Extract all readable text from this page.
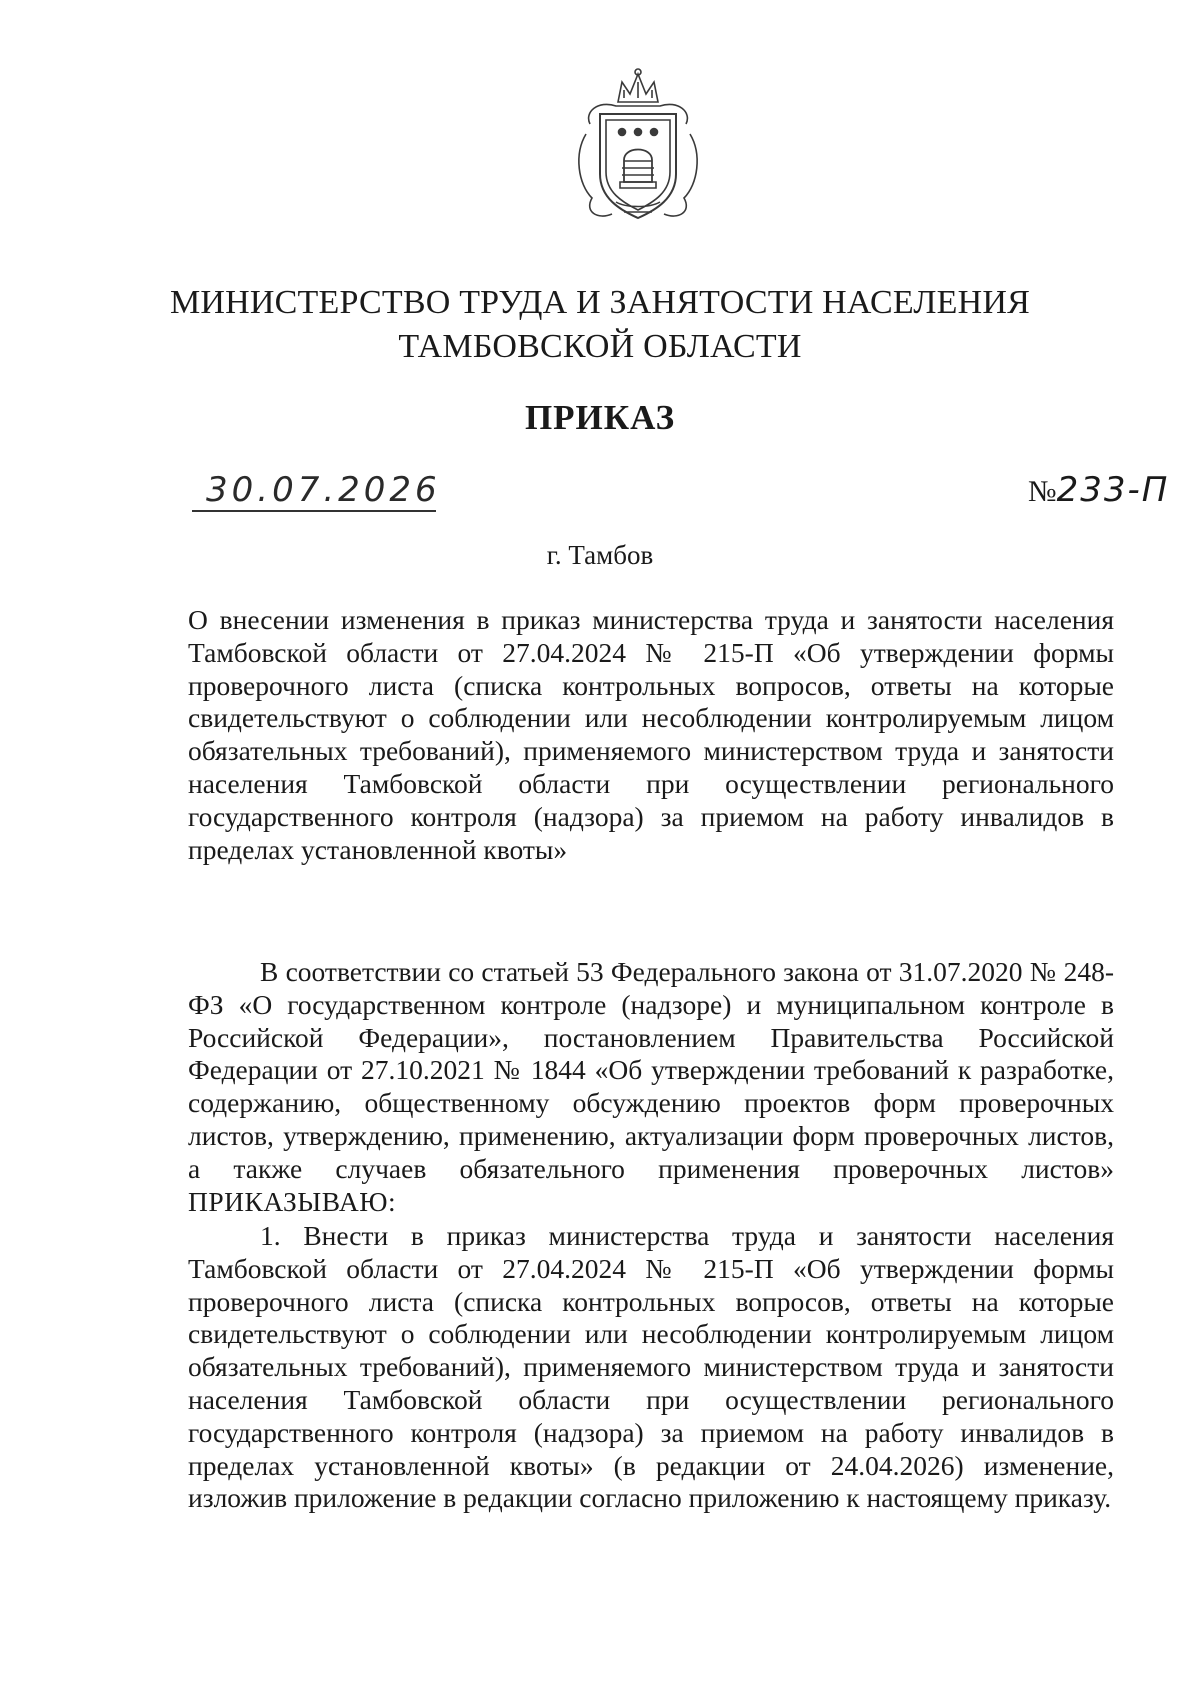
МИНИСТЕРСТВО ТРУДА И ЗАНЯТОСТИ НАСЕЛЕНИЯ
ТАМБОВСКОЙ ОБЛАСТИ
ПРИКАЗ
30.07.2026	№233-П
г. Тамбов
О внесении изменения в приказ министерства труда и занятости населения Тамбовской области от 27.04.2024 № 215-П «Об утверждении формы проверочного листа (списка контрольных вопросов, ответы на которые свидетельствуют о соблюдении или несоблюдении контролируемым лицом обязательных требований), применяемого министерством труда и занятости населения Тамбовской области при осуществлении регионального государственного контроля (надзора) за приемом на работу инвалидов в пределах установленной квоты»
В соответствии со статьей 53 Федерального закона от 31.07.2020 № 248-ФЗ «О государственном контроле (надзоре) и муниципальном контроле в Российской Федерации», постановлением Правительства Российской Федерации от 27.10.2021 № 1844 «Об утверждении требований к разработке, содержанию, общественному обсуждению проектов форм проверочных листов, утверждению, применению, актуализации форм проверочных листов, а также случаев обязательного применения проверочных листов» ПРИКАЗЫВАЮ:
1. Внести в приказ министерства труда и занятости населения Тамбовской области от 27.04.2024 № 215-П «Об утверждении формы проверочного листа (списка контрольных вопросов, ответы на которые свидетельствуют о соблюдении или несоблюдении контролируемым лицом обязательных требований), применяемого министерством труда и занятости населения Тамбовской области при осуществлении регионального государственного контроля (надзора) за приемом на работу инвалидов в пределах установленной квоты» (в редакции от 24.04.2026) изменение, изложив приложение в редакции согласно приложению к настоящему приказу.
